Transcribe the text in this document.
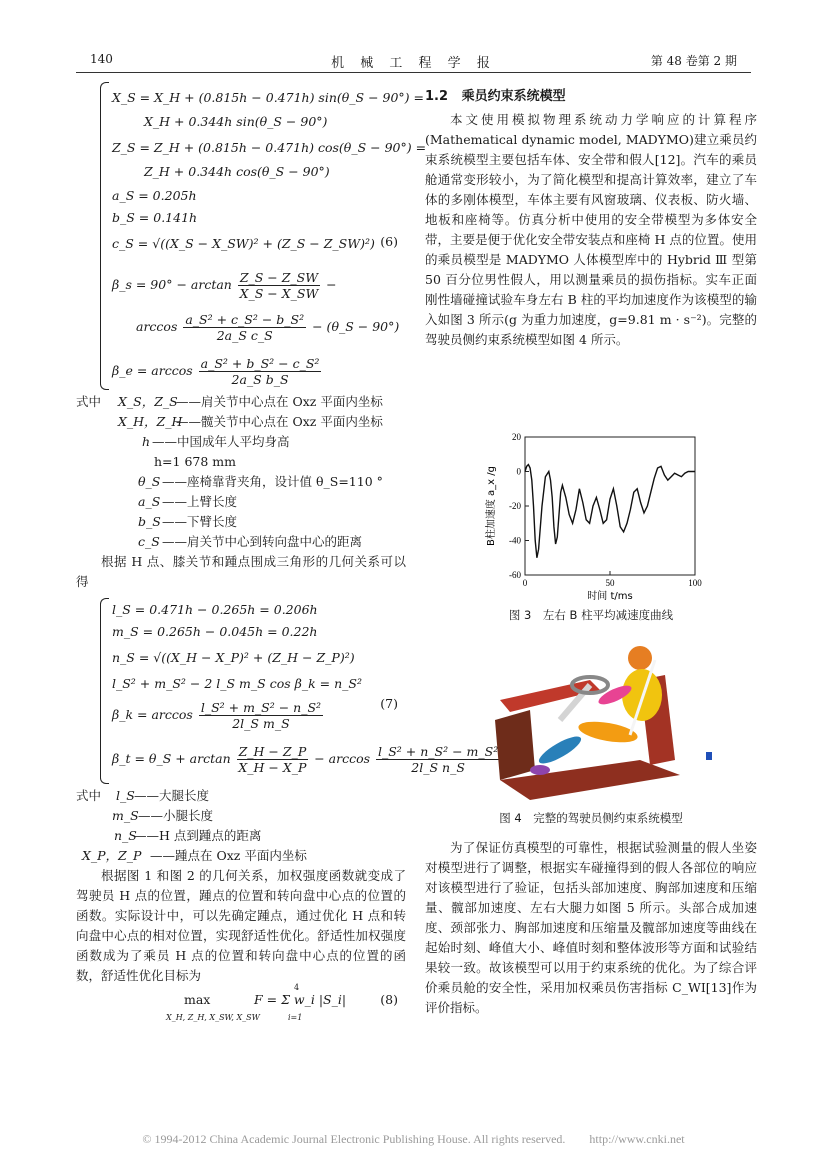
140	机 械 工 程 学 报	第 48 卷第 2 期
X_S = X_H + (0.815h − 0.471h) sin(θ_S − 90°) =
X_H + 0.344h sin(θ_S − 90°)
Z_S = Z_H + (0.815h − 0.471h) cos(θ_S − 90°) =
Z_H + 0.344h cos(θ_S − 90°)
a_S = 0.205h
b_S = 0.141h
c_S = √((X_S − X_SW)² + (Z_S − Z_SW)²)
β_s = $90^\circ - \arctan \frac{Z\_S - Z\_SW}{X\_S - X\_SW}$ −
$\arccos \frac{\text{a\_S² + c\_S² − b\_S²}}{\text{2a\_S c\_S}}$ − (θ_S − 90°)
β_e = $\arccos \frac{\text{a\_S² + b\_S² − c\_S²}}{\text{2a\_S b\_S}}$
(6)
式中 X_S，Z_S
——肩关节中心点在 Oxz 平面内坐标
X_H，Z_H
——髋关节中心点在 Oxz 平面内坐标
h ——中国成年人平均身高
h=1 678 mm
θ_S ——座椅靠背夹角，设计值 θ_S=110 °
a_S ——上臂长度
b_S ——下臂长度
c_S ——肩关节中心到转向盘中心的距离

根据 H 点、膝关节和踵点围成三角形的几何关系可以得

l_S = 0.471h − 0.265h = 0.206h
m_S = 0.265h − 0.045h = 0.22h
n_S = √((X_H − X_P)² + (Z_H − Z_P)²)
l_S² + m_S² − 2 l_S m_S cos β_k = n_S²
β_k = $\arccos \frac{\text{l\_S² + m\_S² − n\_S²}}{\text{2l\_S m\_S}}$
β_t = θ_S + $\arctan \frac{Z\_H - Z\_P}{X\_H - X\_P} - \arccos \frac{\text{l\_S² + n\_S² − m\_S²}}{\text{2l\_S n\_S}}$
(7)
式中 l_S ——大腿长度
m_S ——小腿长度
n_S
——H 点到踵点的距离
X_P，Z_P ——踵点在 Oxz 平面内坐标

根据图 1 和图 2 的几何关系，加权强度函数就变成了驾驶员 H 点的位置，踵点的位置和转向盘中心点的位置的函数。实际设计中，可以先确定踵点，通过优化 H 点和转向盘中心点的相对位置，实现舒适性优化。舒适性加权强度函数成为了乘员 H 点的位置和转向盘中心点的位置的函数，舒适性优化目标为

max
X_H, Z_H, X_SW, X_SW
F = Σ w_i |S_i|
4
i=1
(8)
1.2 乘员约束系统模型

本文使用模拟物理系统动力学响应的计算程序(Mathematical dynamic model, MADYMO)建立乘员约束系统模型主要包括车体、安全带和假人[12]。汽车的乘员舱通常变形较小，为了简化模型和提高计算效率，建立了车体的多刚体模型，车体主要有风窗玻璃、仪表板、防火墙、地板和座椅等。仿真分析中使用的安全带模型为多体安全带，主要是便于优化安全带安装点和座椅 H 点的位置。使用的乘员模型是 MADYMO 人体模型库中的 Hybrid Ⅲ 型第 50 百分位男性假人，用以测量乘员的损伤指标。实车正面刚性墙碰撞试验车身左右 B 柱的平均加速度作为该模型的输入如图 3 所示(g 为重力加速度，g=9.81 m · s⁻²)。完整的驾驶员侧约束系统模型如图 4 所示。

20
0
-20
-40
-60
0	50	100
时间 t/ms
B柱加速度 a_x /g
图 3　左右 B 柱平均减速度曲线
图 4　完整的驾驶员侧约束系统模型

为了保证仿真模型的可靠性，根据试验测量的假人坐姿对模型进行了调整，根据实车碰撞得到的假人各部位的响应对该模型进行了验证，包括头部加速度、胸部加速度和压缩量、髋部加速度、左右大腿力如图 5 所示。头部合成加速度、颈部张力、胸部加速度和压缩量及髋部加速度等曲线在起始时刻、峰值大小、峰值时刻和整体波形等方面和试验结果较一致。故该模型可以用于约束系统的优化。为了综合评价乘员舱的安全性，采用加权乘员伤害指标 C_WI[13]作为评价指标。

© 1994-2012 China Academic Journal Electronic Publishing House. All rights reserved.　　http://www.cnki.net
